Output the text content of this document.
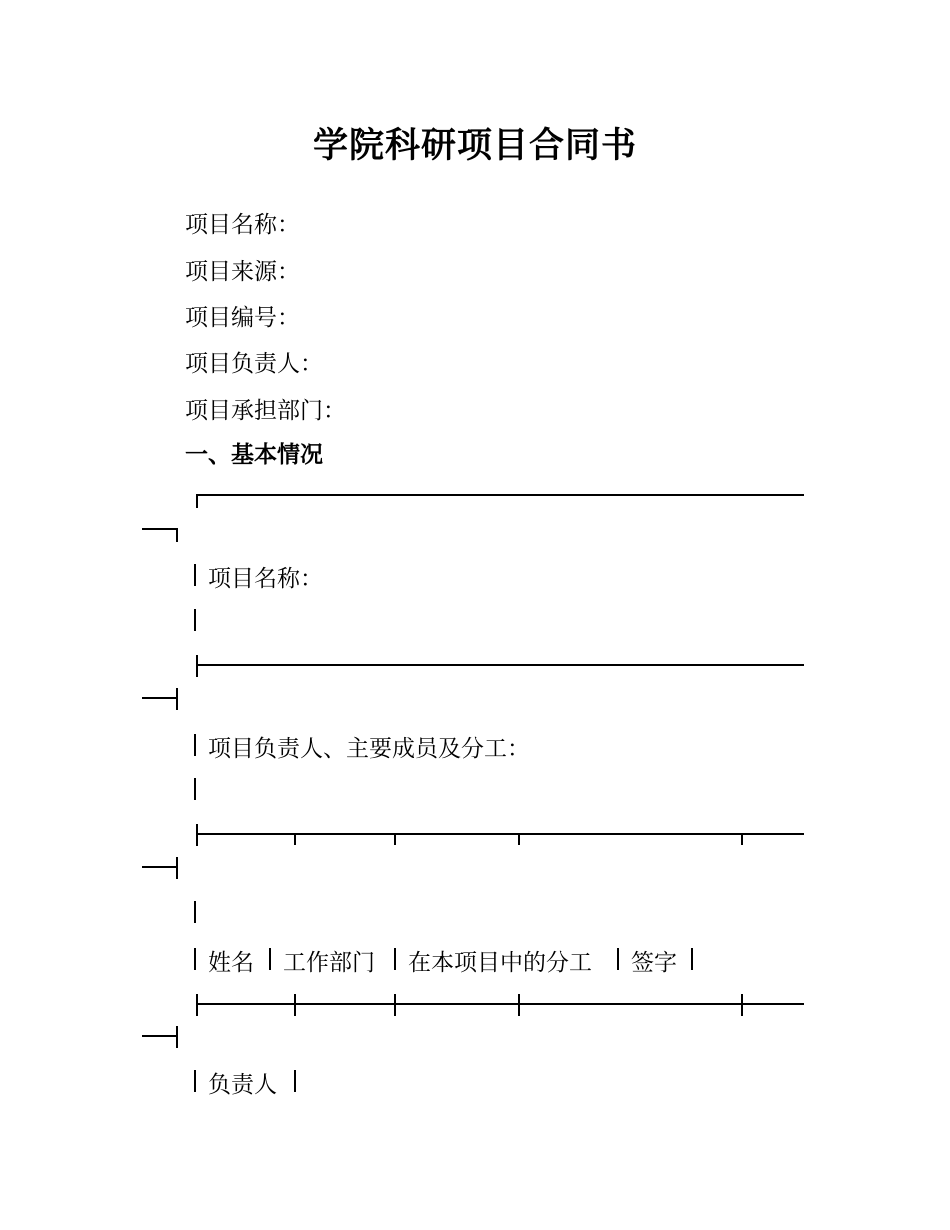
学院科研项目合同书
项目名称：
项目来源：
项目编号：
项目负责人：
项目承担部门：
一、基本情况
项目名称：
项目负责人、主要成员及分工：
姓名 工作部门 在本项目中的分工 签字
负责人
